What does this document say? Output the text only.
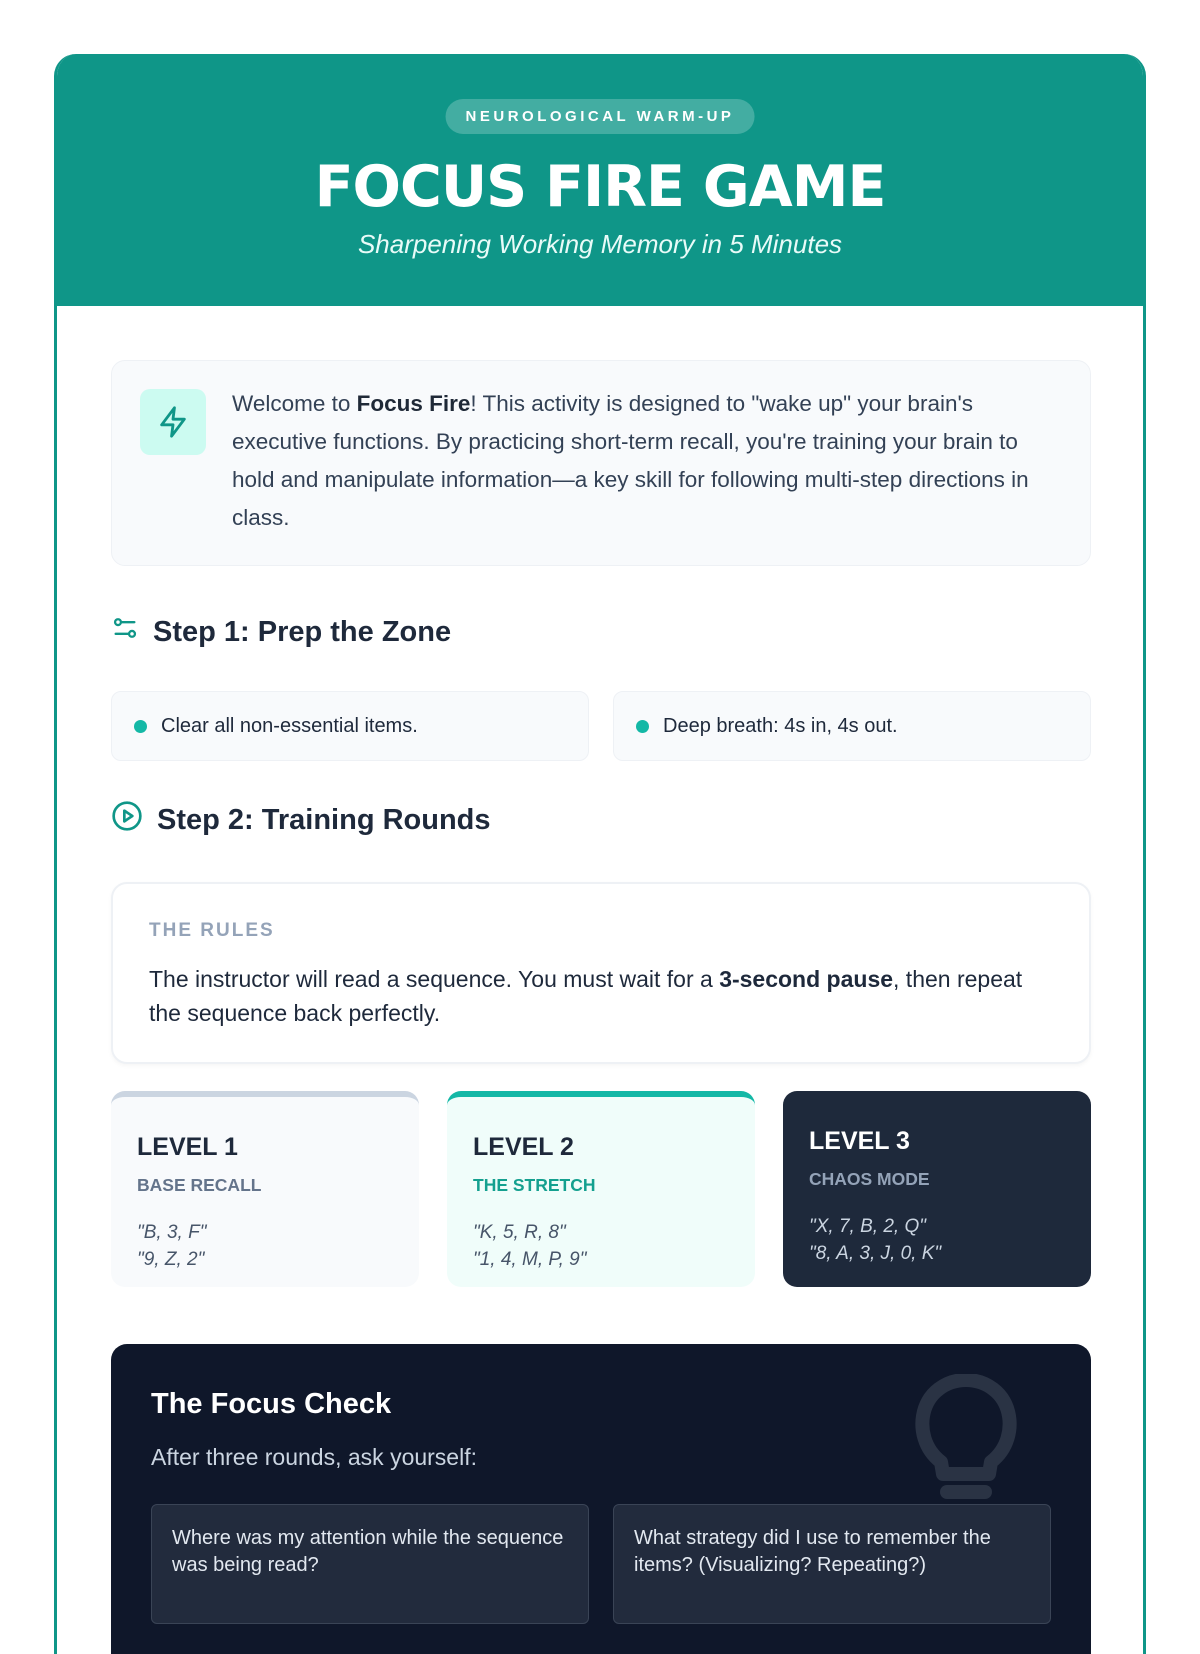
NEUROLOGICAL WARM-UP
FOCUS FIRE GAME
Sharpening Working Memory in 5 Minutes
Welcome to Focus Fire! This activity is designed to "wake up" your brain's executive functions. By practicing short-term recall, you're training your brain to hold and manipulate information—a key skill for following multi-step directions in class.
Step 1: Prep the Zone
Clear all non-essential items.	Deep breath: 4s in, 4s out.
Step 2: Training Rounds
THE RULES
The instructor will read a sequence. You must wait for a 3-second pause, then repeat the sequence back perfectly.
LEVEL 1
BASE RECALL
"B, 3, F"
"9, Z, 2"
LEVEL 2
THE STRETCH
"K, 5, R, 8"
"1, 4, M, P, 9"
LEVEL 3
CHAOS MODE
"X, 7, B, 2, Q"
"8, A, 3, J, 0, K"
The Focus Check
After three rounds, ask yourself:
Where was my attention while the sequence was being read?
What strategy did I use to remember the items? (Visualizing? Repeating?)
